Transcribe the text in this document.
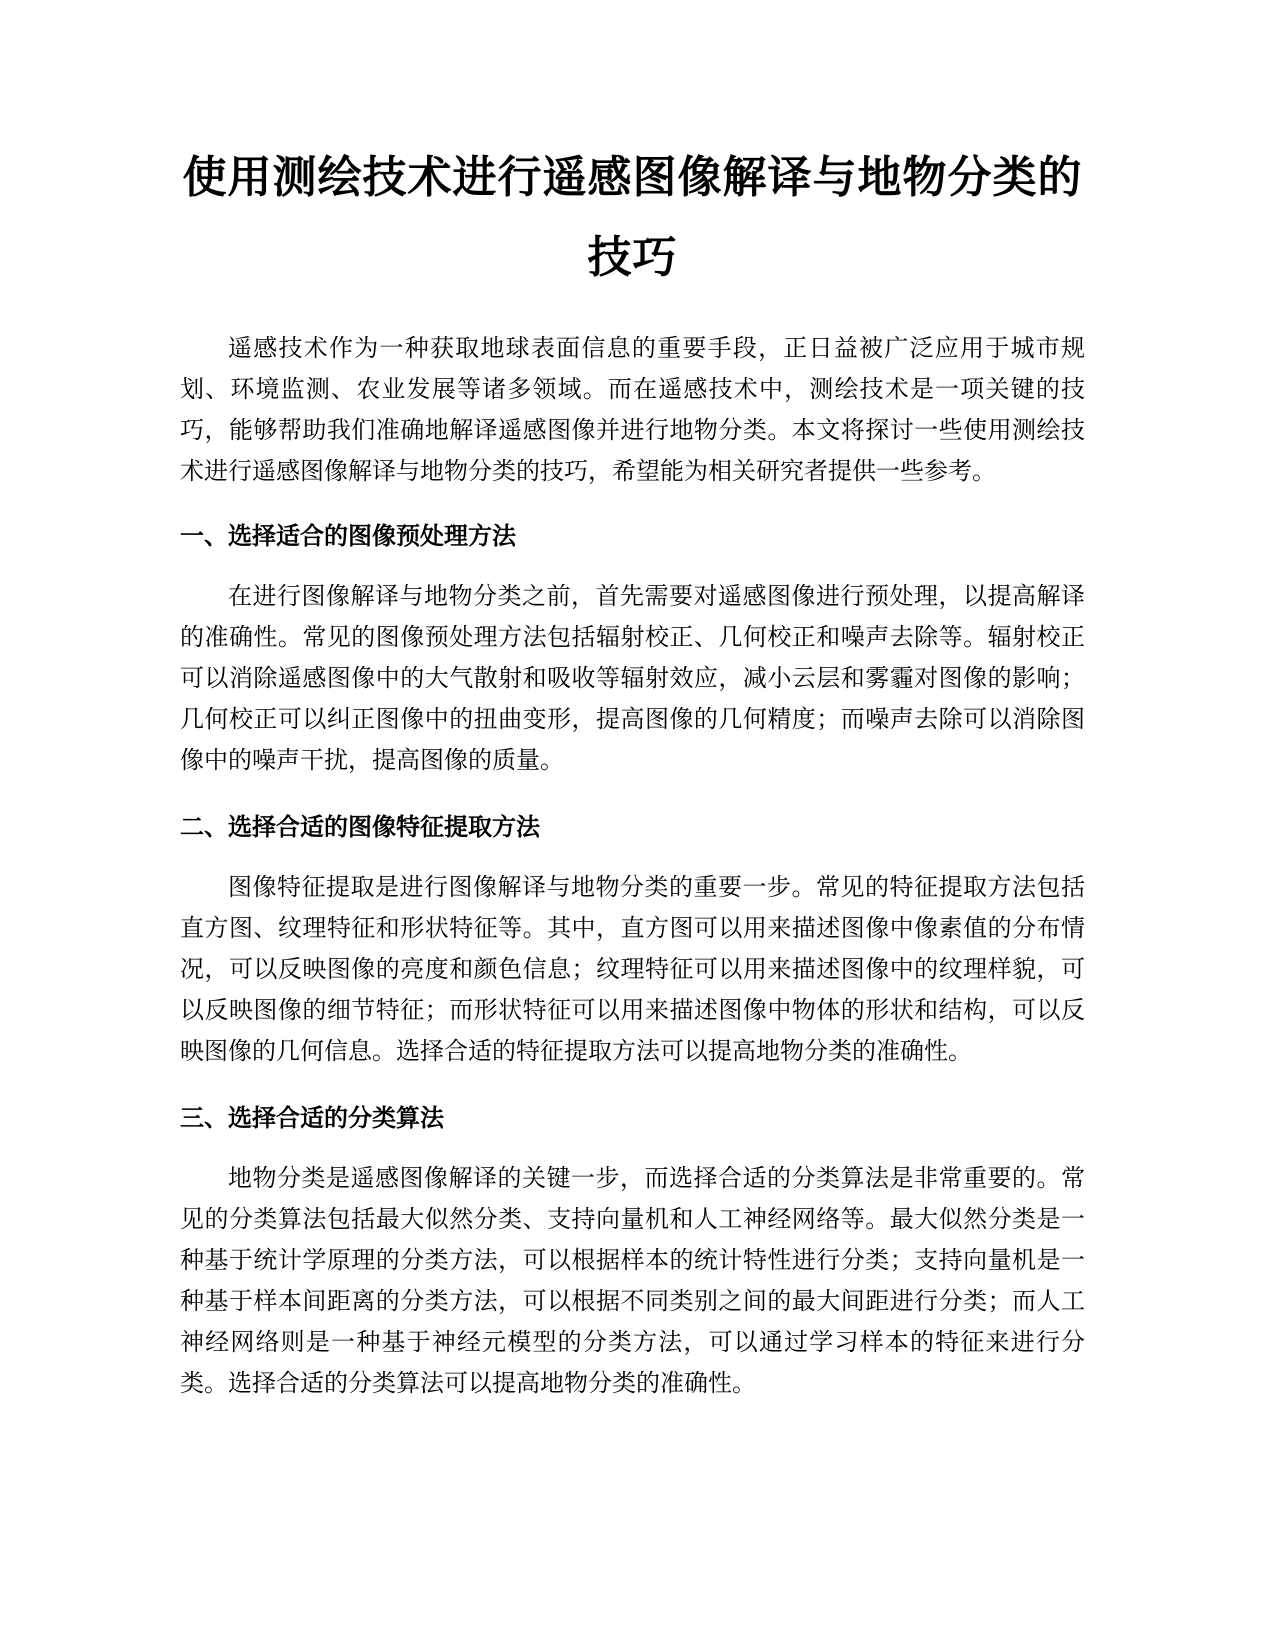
使用测绘技术进行遥感图像解译与地物分类的技巧

遥感技术作为一种获取地球表面信息的重要手段，正日益被广泛应用于城市规划、环境监测、农业发展等诸多领域。而在遥感技术中，测绘技术是一项关键的技巧，能够帮助我们准确地解译遥感图像并进行地物分类。本文将探讨一些使用测绘技术进行遥感图像解译与地物分类的技巧，希望能为相关研究者提供一些参考。

一、选择适合的图像预处理方法

在进行图像解译与地物分类之前，首先需要对遥感图像进行预处理，以提高解译的准确性。常见的图像预处理方法包括辐射校正、几何校正和噪声去除等。辐射校正可以消除遥感图像中的大气散射和吸收等辐射效应，减小云层和雾霾对图像的影响；几何校正可以纠正图像中的扭曲变形，提高图像的几何精度；而噪声去除可以消除图像中的噪声干扰，提高图像的质量。

二、选择合适的图像特征提取方法

图像特征提取是进行图像解译与地物分类的重要一步。常见的特征提取方法包括直方图、纹理特征和形状特征等。其中，直方图可以用来描述图像中像素值的分布情况，可以反映图像的亮度和颜色信息；纹理特征可以用来描述图像中的纹理样貌，可以反映图像的细节特征；而形状特征可以用来描述图像中物体的形状和结构，可以反映图像的几何信息。选择合适的特征提取方法可以提高地物分类的准确性。

三、选择合适的分类算法

地物分类是遥感图像解译的关键一步，而选择合适的分类算法是非常重要的。常见的分类算法包括最大似然分类、支持向量机和人工神经网络等。最大似然分类是一种基于统计学原理的分类方法，可以根据样本的统计特性进行分类；支持向量机是一种基于样本间距离的分类方法，可以根据不同类别之间的最大间距进行分类；而人工神经网络则是一种基于神经元模型的分类方法，可以通过学习样本的特征来进行分类。选择合适的分类算法可以提高地物分类的准确性。
